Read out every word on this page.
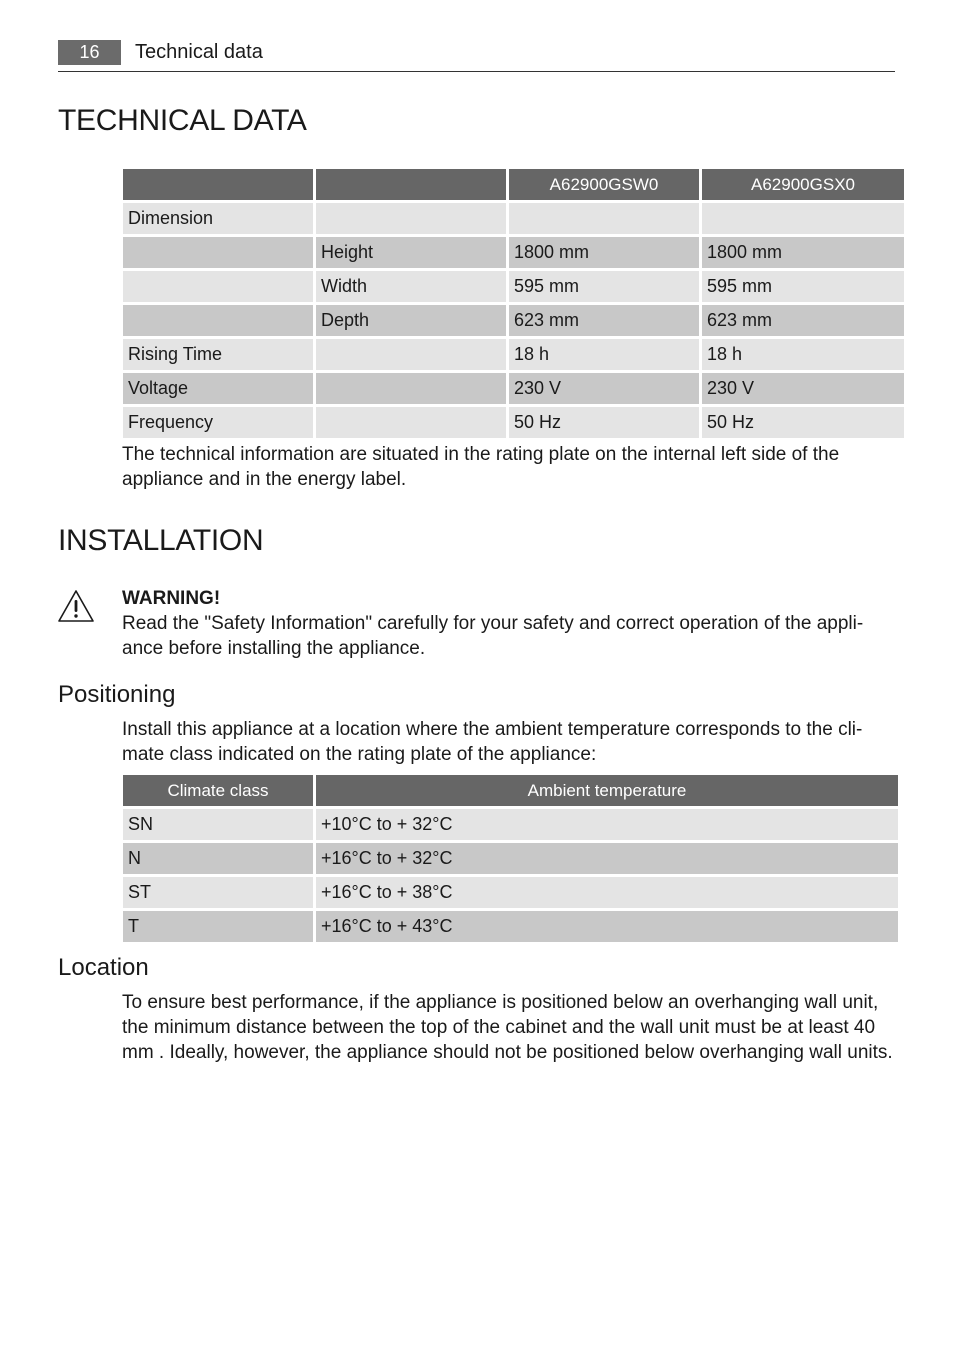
16	Technical data
TECHNICAL DATA
		A62900GSW0	A62900GSX0
Dimension			
	Height	1800 mm	1800 mm
	Width	595 mm	595 mm
	Depth	623 mm	623 mm
Rising Time		18 h	18 h
Voltage		230 V	230 V
Frequency		50 Hz	50 Hz

The technical information are situated in the rating plate on the internal left side of the appliance and in the energy label.

INSTALLATION
WARNING!

Read the "Safety Information" carefully for your safety and correct operation of the appli-ance before installing the appliance.

Positioning

Install this appliance at a location where the ambient temperature corresponds to the cli-mate class indicated on the rating plate of the appliance:

Climate class	Ambient temperature
SN	+10°C to + 32°C
N	+16°C to + 32°C
ST	+16°C to + 38°C
T	+16°C to + 43°C
Location

To ensure best performance, if the appliance is positioned below an overhanging wall unit, the minimum distance between the top of the cabinet and the wall unit must be at least 40 mm . Ideally, however, the appliance should not be positioned below overhanging wall units.
